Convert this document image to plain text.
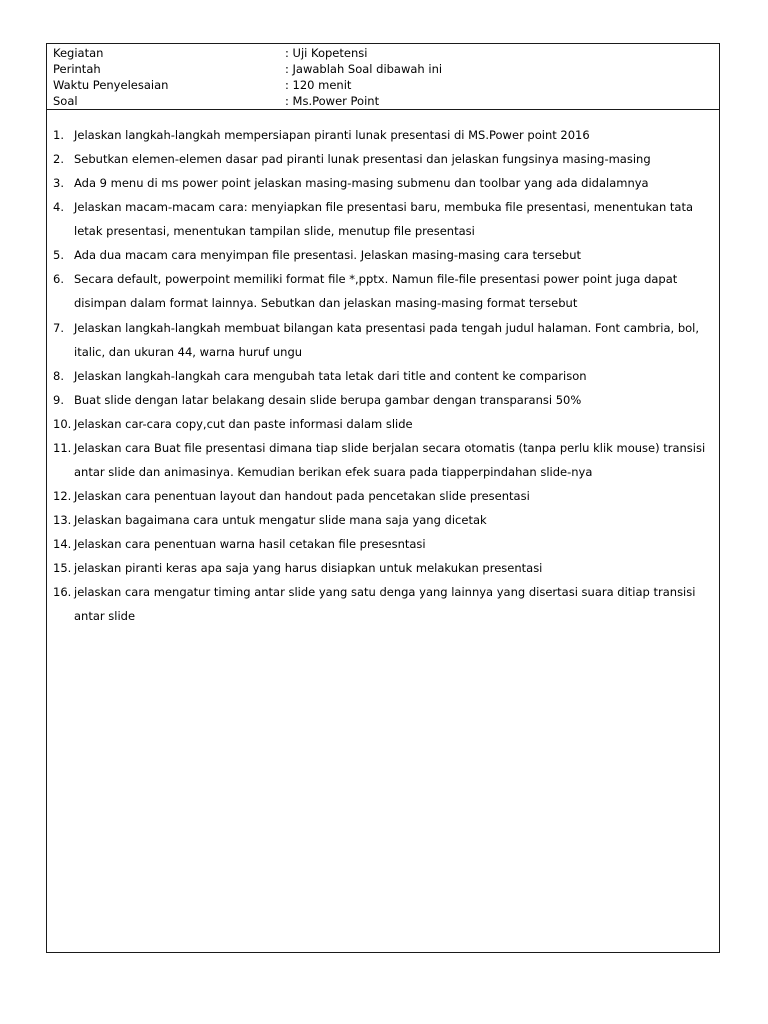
Kegiatan	: Uji Kopetensi
Perintah	: Jawablah Soal dibawah ini
Waktu Penyelesaian	: 120 menit
Soal	: Ms.Power Point
1. Jelaskan langkah-langkah mempersiapan piranti lunak presentasi di MS.Power point 2016
2. Sebutkan elemen-elemen dasar pad piranti lunak presentasi dan jelaskan fungsinya masing-masing
3. Ada 9 menu di ms power point jelaskan masing-masing submenu dan toolbar yang ada didalamnya
4. Jelaskan macam-macam cara: menyiapkan file presentasi baru, membuka file presentasi, menentukan tata
letak presentasi, menentukan tampilan slide, menutup file presentasi
5. Ada dua macam cara menyimpan file presentasi. Jelaskan masing-masing cara tersebut
6. Secara default, powerpoint memiliki format file *,pptx. Namun file-file presentasi power point juga dapat
disimpan dalam format lainnya. Sebutkan dan jelaskan masing-masing format tersebut
7. Jelaskan langkah-langkah membuat bilangan kata presentasi pada tengah judul halaman. Font cambria, bol,
italic, dan ukuran 44, warna huruf ungu
8. Jelaskan langkah-langkah cara mengubah tata letak dari title and content ke comparison
9. Buat slide dengan latar belakang desain slide berupa gambar dengan transparansi 50%
10. Jelaskan car-cara copy,cut dan paste informasi dalam slide
11. Jelaskan cara Buat file presentasi dimana tiap slide berjalan secara otomatis (tanpa perlu klik mouse) transisi
antar slide dan animasinya. Kemudian berikan efek suara pada tiapperpindahan slide-nya
12. Jelaskan cara penentuan layout dan handout pada pencetakan slide presentasi
13. Jelaskan bagaimana cara untuk mengatur slide mana saja yang dicetak
14. Jelaskan cara penentuan warna hasil cetakan file presesntasi
15. jelaskan piranti keras apa saja yang harus disiapkan untuk melakukan presentasi
16. jelaskan cara mengatur timing antar slide yang satu denga yang lainnya yang disertasi suara ditiap transisi
antar slide
